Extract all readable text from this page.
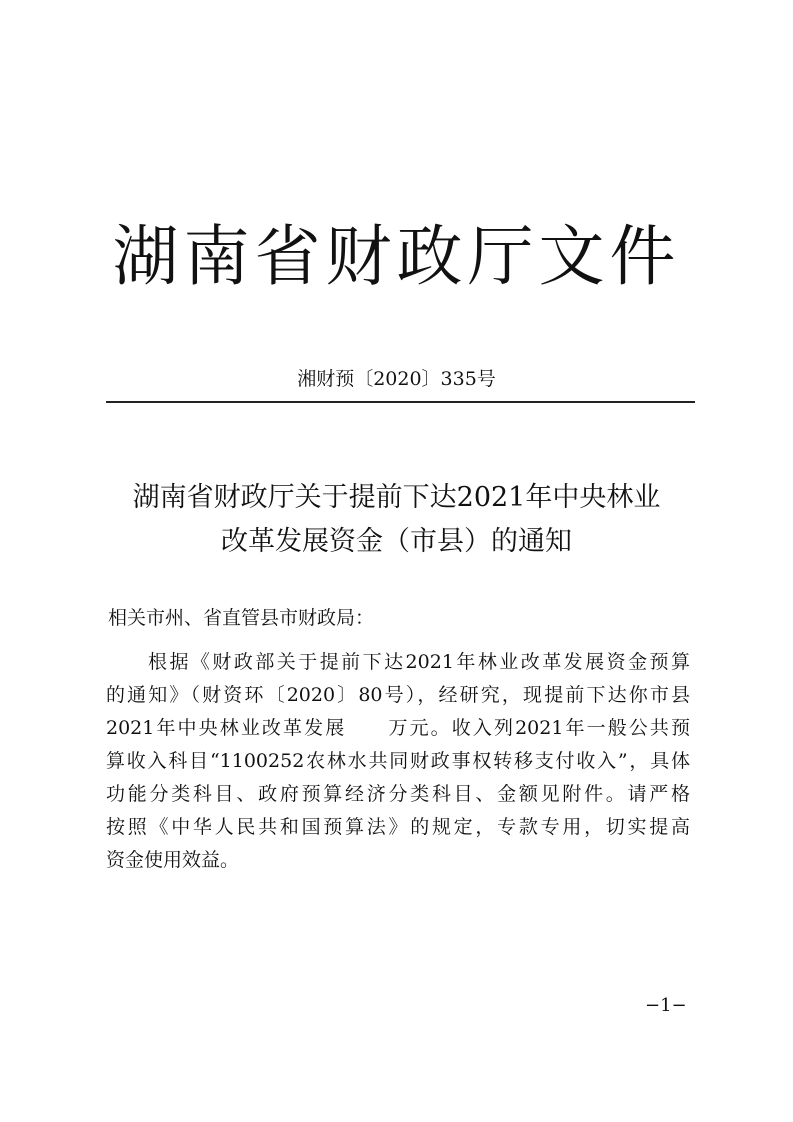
湖南省财政厅文件
湘财预〔2020〕335号
湖南省财政厅关于提前下达2021年中央林业
改革发展资金（市县）的通知
相关市州、省直管县市财政局：
根据《财政部关于提前下达2021年林业改革发展资金预算
的通知》（财资环〔2020〕80号），经研究，现提前下达你市县
2021年中央林业改革发展　　万元。收入列2021年一般公共预
算收入科目“1100252农林水共同财政事权转移支付收入”，具体
功能分类科目、政府预算经济分类科目、金额见附件。请严格
按照《中华人民共和国预算法》的规定，专款专用，切实提高
资金使用效益。
−1−
